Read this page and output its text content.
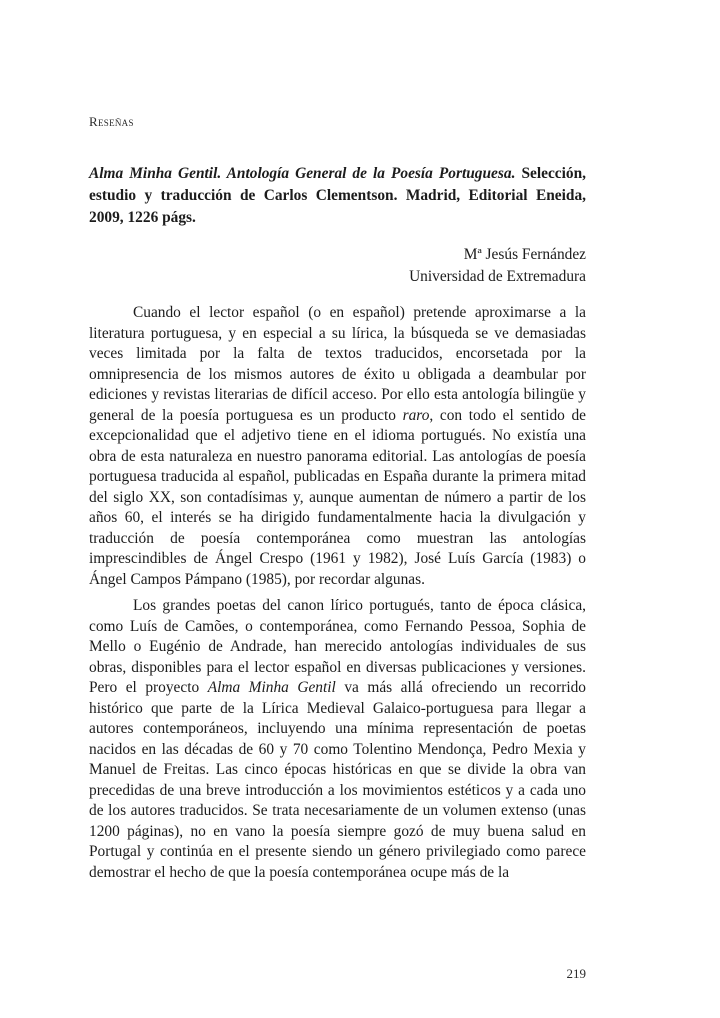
Reseñas
Alma Minha Gentil. Antología General de la Poesía Portuguesa. Selección, estudio y traducción de Carlos Clementson. Madrid, Editorial Eneida, 2009, 1226 págs.
Mª Jesús Fernández
Universidad de Extremadura

Cuando el lector español (o en español) pretende aproximarse a la literatura portuguesa, y en especial a su lírica, la búsqueda se ve demasiadas veces limitada por la falta de textos traducidos, encorsetada por la omnipresencia de los mismos autores de éxito u obligada a deambular por ediciones y revistas literarias de difícil acceso. Por ello esta antología bilingüe y general de la poesía portuguesa es un producto raro, con todo el sentido de excepcionalidad que el adjetivo tiene en el idioma portugués. No existía una obra de esta naturaleza en nuestro panorama editorial. Las antologías de poesía portuguesa traducida al español, publicadas en España durante la primera mitad del siglo XX, son contadísimas y, aunque aumentan de número a partir de los años 60, el interés se ha dirigido fundamentalmente hacia la divulgación y traducción de poesía contemporánea como muestran las antologías imprescindibles de Ángel Crespo (1961 y 1982), José Luís García (1983) o Ángel Campos Pámpano (1985), por recordar algunas.

Los grandes poetas del canon lírico portugués, tanto de época clásica, como Luís de Camões, o contemporánea, como Fernando Pessoa, Sophia de Mello o Eugénio de Andrade, han merecido antologías individuales de sus obras, disponibles para el lector español en diversas publicaciones y versiones. Pero el proyecto Alma Minha Gentil va más allá ofreciendo un recorrido histórico que parte de la Lírica Medieval Galaico-portuguesa para llegar a autores contemporáneos, incluyendo una mínima representación de poetas nacidos en las décadas de 60 y 70 como Tolentino Mendonça, Pedro Mexia y Manuel de Freitas. Las cinco épocas históricas en que se divide la obra van precedidas de una breve introducción a los movimientos estéticos y a cada uno de los autores traducidos. Se trata necesariamente de un volumen extenso (unas 1200 páginas), no en vano la poesía siempre gozó de muy buena salud en Portugal y continúa en el presente siendo un género privilegiado como parece demostrar el hecho de que la poesía contemporánea ocupe más de la

219
